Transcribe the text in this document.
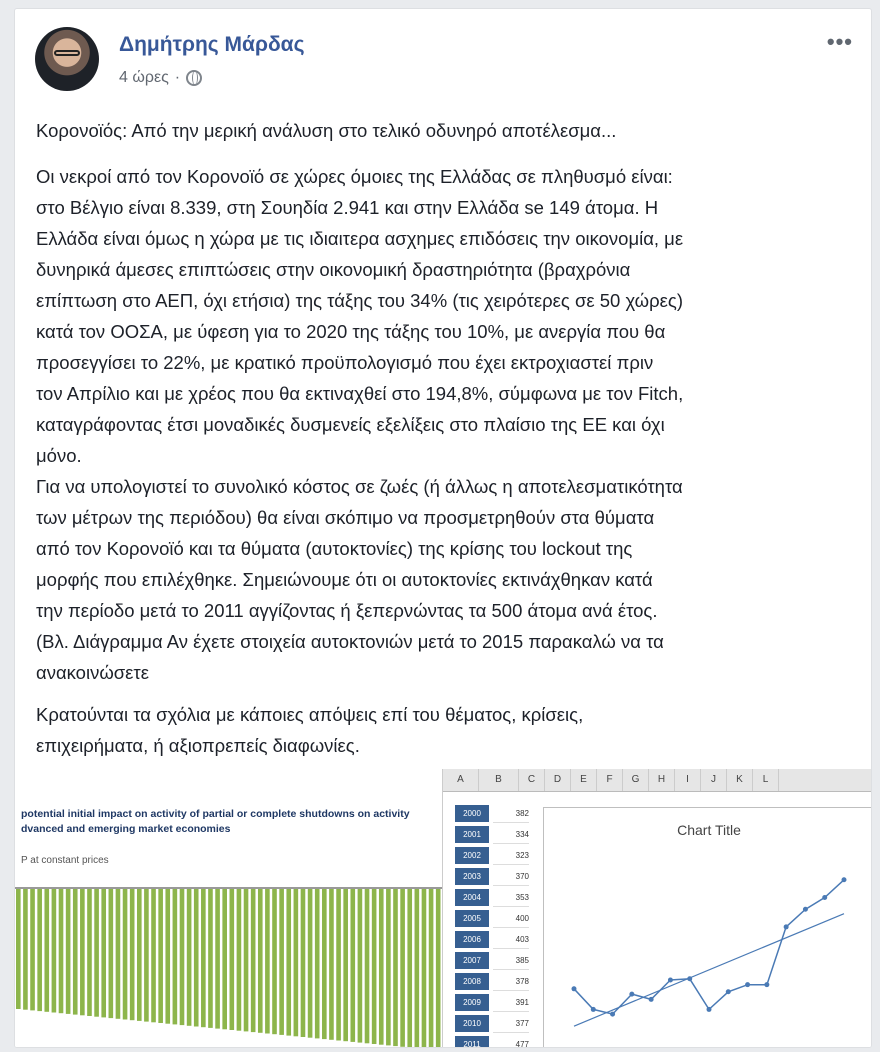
Δημήτρης Μάρδας
4 ώρες ·
•••

Κορονοϊός: Από την μερική ανάλυση στο τελικό οδυνηρό αποτέλεσμα...

Οι νεκροί από τον Κορονοϊό σε χώρες όμοιες της Ελλάδας σε πληθυσμό είναι:

στο Βέλγιο είναι 8.339, στη Σουηδία 2.941 και στην Ελλάδα se 149 άτομα. Η

Ελλάδα είναι όμως η χώρα με τις ιδιαιτερα ασχημες επιδόσεις την οικονομία, με

δυνηρικά άμεσες επιπτώσεις στην οικονομική δραστηριότητα (βραχρόνια

επίπτωση στο ΑΕΠ, όχι ετήσια) της τάξης του 34% (τις χειρότερες σε 50 χώρες)

κατά τον ΟΟΣΑ, με ύφεση για το 2020 της τάξης του 10%, με ανεργία που θα

προσεγγίσει το 22%, με κρατικό προϋπολογισμό που έχει εκτροχιαστεί πριν

τον Απρίλιο και με χρέος που θα εκτιναχθεί στο 194,8%, σύμφωνα με τον Fitch,

καταγράφοντας έτσι μοναδικές δυσμενείς εξελίξεις στο πλαίσιο της ΕΕ και όχι

μόνο.

Για να υπολογιστεί το συνολικό κόστος σε ζωές (ή άλλως η αποτελεσματικότητα

των μέτρων της περιόδου) θα είναι σκόπιμο να προσμετρηθούν στα θύματα

από τον Κορονοϊό και τα θύματα (αυτοκτονίες) της κρίσης του lockout της

μορφής που επιλέχθηκε. Σημειώνουμε ότι οι αυτοκτονίες εκτινάχθηκαν κατά

την περίοδο μετά το 2011 αγγίζοντας ή ξεπερνώντας τα 500 άτομα ανά έτος.

(Βλ. Διάγραμμα Αν έχετε στοιχεία αυτοκτονιών μετά το 2015 παρακαλώ να τα

ανακοινώσετε

Κρατούνται τα σχόλια με κάποιες απόψεις επί του θέματος, κρίσεις,

επιχειρήματα, ή αξιοπρεπείς διαφωνίες.

potential initial impact on activity of partial or complete shutdowns on activity
dvanced and emerging market economies
P at constant prices
A	B	C	D	E	F	G	H	I	J	K	L
2000	382
2001	334
2002	323
2003	370
2004	353
2005	400
2006	403
2007	385
2008	378
2009	391
2010	377
2011	477
Chart Title
